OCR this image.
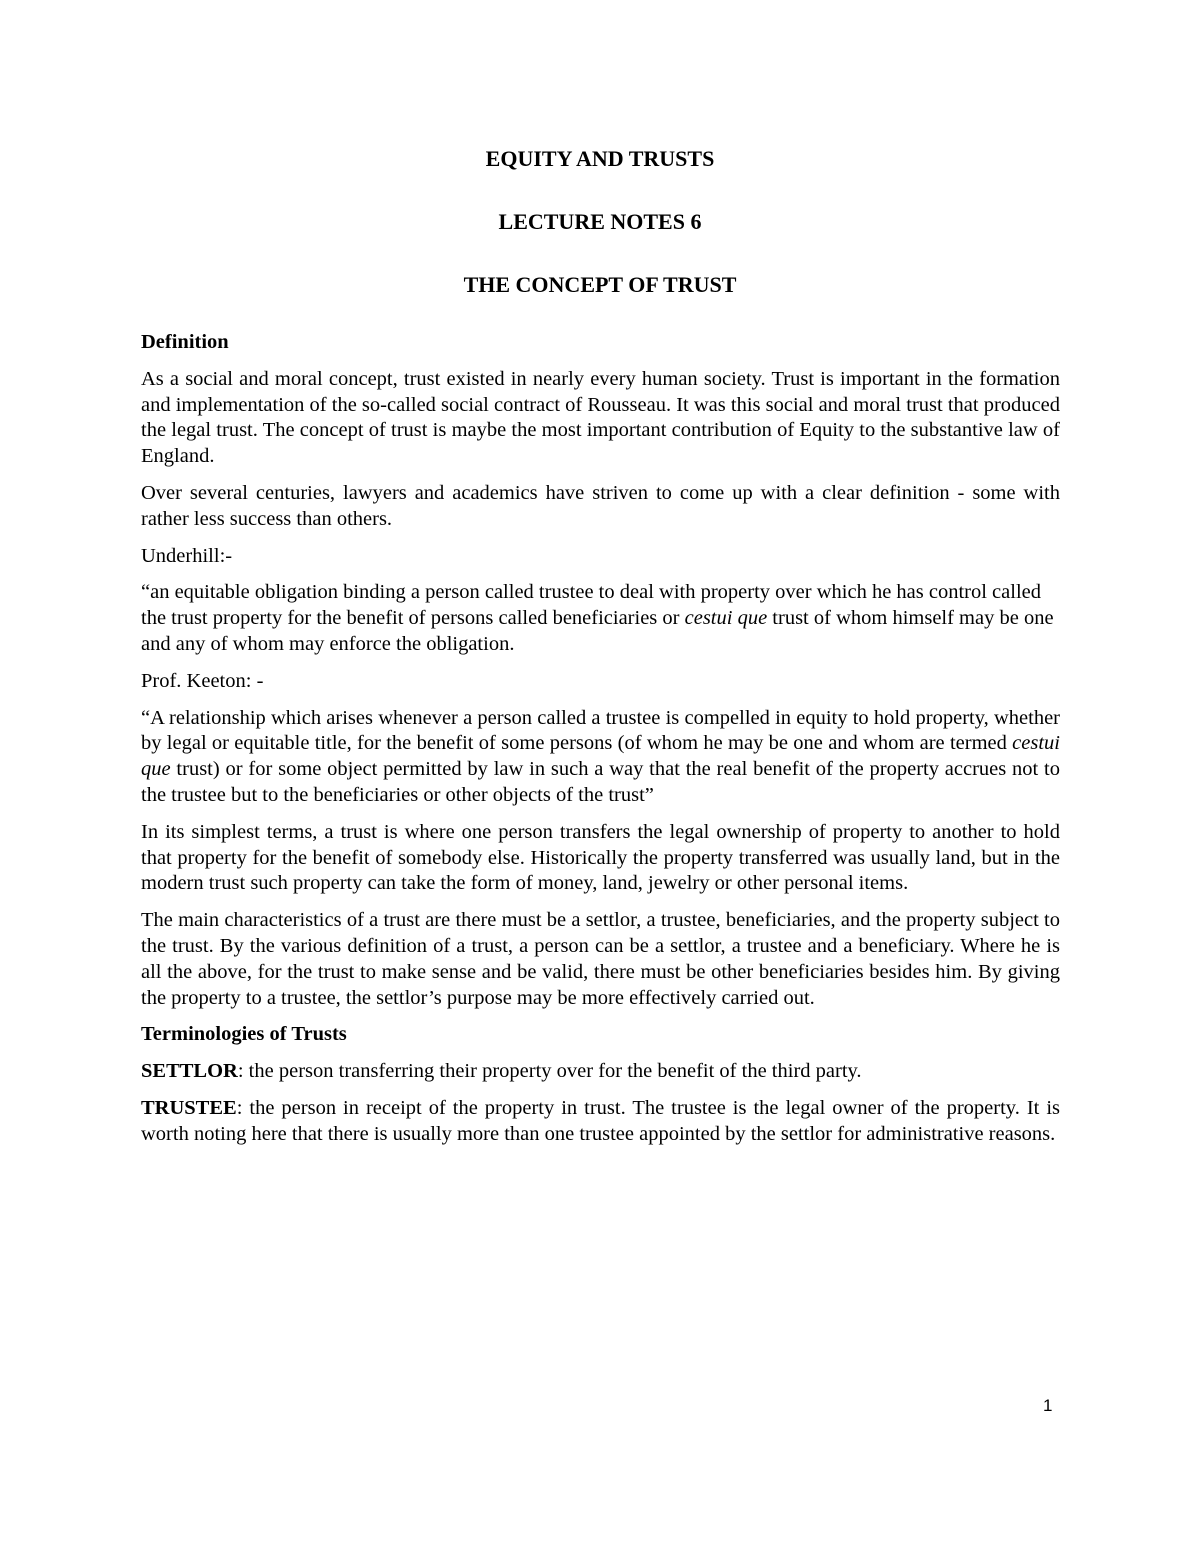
EQUITY AND TRUSTS
LECTURE NOTES 6
THE CONCEPT OF TRUST

Definition

As a social and moral concept, trust existed in nearly every human society. Trust is important in the formation and implementation of the so-called social contract of Rousseau. It was this social and moral trust that produced the legal trust. The concept of trust is maybe the most important contribution of Equity to the substantive law of England.

Over several centuries, lawyers and academics have striven to come up with a clear definition - some with rather less success than others.

Underhill:-

“an equitable obligation binding a person called trustee to deal with property over which he has control called the trust property for the benefit of persons called beneficiaries or cestui que trust of whom himself may be one and any of whom may enforce the obligation.

Prof. Keeton: -

“A relationship which arises whenever a person called a trustee is compelled in equity to hold property, whether by legal or equitable title, for the benefit of some persons (of whom he may be one and whom are termed cestui que trust) or for some object permitted by law in such a way that the real benefit of the property accrues not to the trustee but to the beneficiaries or other objects of the trust”

In its simplest terms, a trust is where one person transfers the legal ownership of property to another to hold that property for the benefit of somebody else. Historically the property transferred was usually land, but in the modern trust such property can take the form of money, land, jewelry or other personal items.

The main characteristics of a trust are there must be a settlor, a trustee, beneficiaries, and the property subject to the trust. By the various definition of a trust, a person can be a settlor, a trustee and a beneficiary. Where he is all the above, for the trust to make sense and be valid, there must be other beneficiaries besides him. By giving the property to a trustee, the settlor’s purpose may be more effectively carried out.

Terminologies of Trusts

SETTLOR: the person transferring their property over for the benefit of the third party.

TRUSTEE: the person in receipt of the property in trust. The trustee is the legal owner of the property. It is worth noting here that there is usually more than one trustee appointed by the settlor for administrative reasons.

1
